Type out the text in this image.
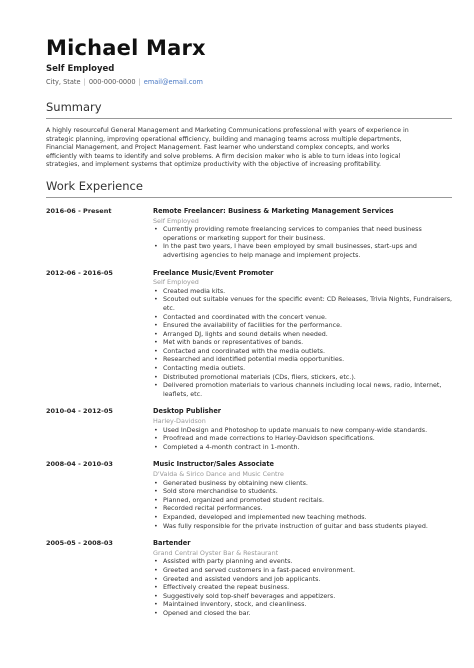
Michael Marx
Self Employed
City, State | 000-000-0000 | email@email.com
Summary

A highly resourceful General Management and Marketing Communications professional with years of experience in strategic planning, improving operational efficiency, building and managing teams across multiple departments, Financial Management, and Project Management. Fast learner who understand complex concepts, and works efficiently with teams to identify and solve problems. A firm decision maker who is able to turn ideas into logical strategies, and implement systems that optimize productivity with the objective of increasing profitability.

Work Experience
2016-06 - Present	Remote Freelancer: Business & Marketing Management Services
Self Employed
• Currently providing remote freelancing services to companies that need business operations or marketing support for their business.
• In the past two years, I have been employed by small businesses, start-ups and advertising agencies to help manage and implement projects.
2012-06 - 2016-05	Freelance Music/Event Promoter
Self Employed
• Created media kits.
• Scouted out suitable venues for the specific event: CD Releases, Trivia Nights, Fundraisers, etc.
• Contacted and coordinated with the concert venue.
• Ensured the availability of facilities for the performance.
• Arranged DJ, lights and sound details when needed.
• Met with bands or representatives of bands.
• Contacted and coordinated with the media outlets.
• Researched and identified potential media opportunities.
• Contacting media outlets.
• Distributed promotional materials (CDs, fliers, stickers, etc.).
• Delivered promotion materials to various channels including local news, radio, Internet, leaflets, etc.
2010-04 - 2012-05	Desktop Publisher
Harley-Davidson
• Used InDesign and Photoshop to update manuals to new company-wide standards.
• Proofread and made corrections to Harley-Davidson specifications.
• Completed a 4-month contract in 1-month.
2008-04 - 2010-03	Music Instructor/Sales Associate
D'Valda & Sirico Dance and Music Centre
• Generated business by obtaining new clients.
• Sold store merchandise to students.
• Planned, organized and promoted student recitals.
• Recorded recital performances.
• Expanded, developed and implemented new teaching methods.
• Was fully responsible for the private instruction of guitar and bass students played.
2005-05 - 2008-03	Bartender
Grand Central Oyster Bar & Restaurant
• Assisted with party planning and events.
• Greeted and served customers in a fast-paced environment.
• Greeted and assisted vendors and job applicants.
• Effectively created the repeat business.
• Suggestively sold top-shelf beverages and appetizers.
• Maintained inventory, stock, and cleanliness.
• Opened and closed the bar.
